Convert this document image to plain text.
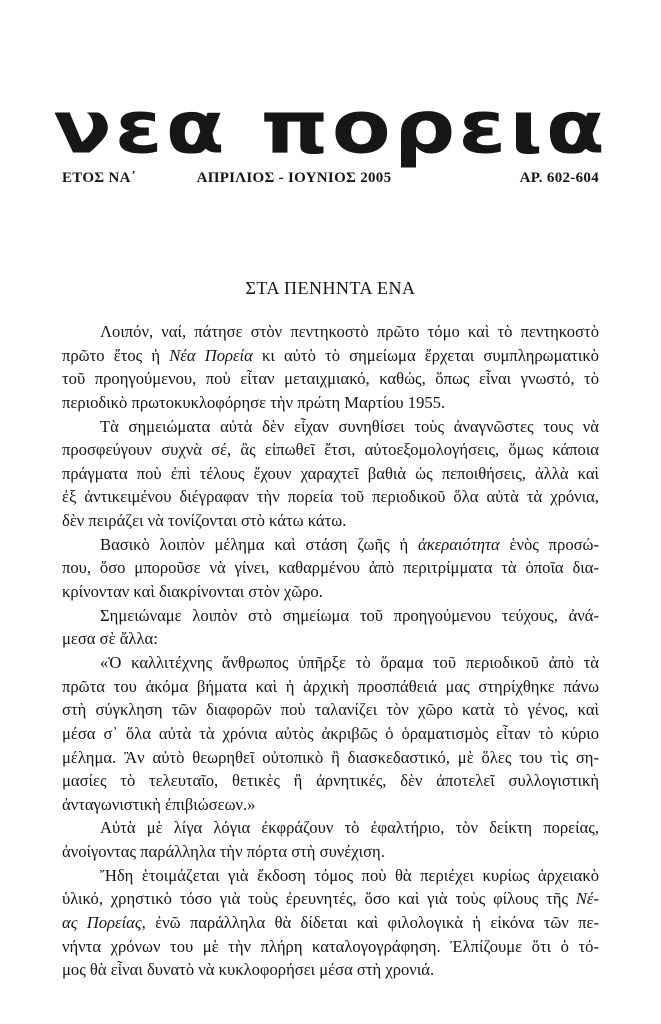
νεα πορεια
ΕΤΟΣ ΝΑ΄	ΑΠΡΙΛΙΟΣ - ΙΟΥΝΙΟΣ 2005	ΑΡ. 602-604
ΣΤΑ ΠΕΝΗΝΤΑ ΕΝΑ
Λοιπόν, ναί, πάτησε στὸν πεντηκοστὸ πρῶτο τόμο καὶ τὸ πεντηκοστὸ
πρῶτο ἔτος ἡ Νέα Πορεία κι αὐτὸ τὸ σημείωμα ἔρχεται συμπληρωματικὸ
τοῦ προηγούμενου, ποὺ εἶταν μεταιχμιακό, καθώς, ὅπως εἶναι γνωστό, τὸ
περιοδικὸ πρωτοκυκλοφόρησε τὴν πρώτη Μαρτίου 1955.
Τὰ σημειώματα αὐτὰ δὲν εἶχαν συνηθίσει τοὺς ἀναγνῶστες τους νὰ
προσφεύγουν συχνὰ σέ, ἂς εἰπωθεῖ ἔτσι, αὐτοεξομολογήσεις, ὅμως κάποια
πράγματα ποὺ ἐπὶ τέλους ἔχουν χαραχτεῖ βαθιὰ ὡς πεποιθήσεις, ἀλλὰ καὶ
ἐξ ἀντικειμένου διέγραφαν τὴν πορεία τοῦ περιοδικοῦ ὅλα αὐτὰ τὰ χρόνια,
δὲν πειράζει νὰ τονίζονται στὸ κάτω κάτω.
Βασικὸ λοιπὸν μέλημα καὶ στάση ζωῆς ἡ ἀκεραιότητα ἑνὸς προσώ-
που, ὅσο μποροῦσε νὰ γίνει, καθαρμένου ἀπὸ περιτρίμματα τὰ ὁποῖα δια-
κρίνονταν καὶ διακρίνονται στὸν χῶρο.
Σημειώναμε λοιπὸν στὸ σημείωμα τοῦ προηγούμενου τεύχους, ἀνά-
μεσα σὲ ἄλλα:
«Ὁ καλλιτέχνης ἄνθρωπος ὑπῆρξε τὸ ὅραμα τοῦ περιοδικοῦ ἀπὸ τὰ
πρῶτα του ἀκόμα βήματα καὶ ἡ ἀρχικὴ προσπάθειά μας στηρίχθηκε πάνω
στὴ σύγκληση τῶν διαφορῶν ποὺ ταλανίζει τὸν χῶρο κατὰ τὸ γένος, καὶ
μέσα σ᾽ ὅλα αὐτὰ τὰ χρόνια αὐτὸς ἀκριβῶς ὁ ὁραματισμὸς εἶταν τὸ κύριο
μέλημα. Ἂν αὐτὸ θεωρηθεῖ οὐτοπικὸ ἢ διασκεδαστικό, μὲ ὅλες του τὶς ση-
μασίες τὸ τελευταῖο, θετικὲς ἢ ἀρνητικές, δὲν ἀποτελεῖ συλλογιστικὴ
ἀνταγωνιστικὴ ἐπιβιώσεων.»
Αὐτὰ μὲ λίγα λόγια ἐκφράζουν τὸ ἐφαλτήριο, τὸν δείκτη πορείας,
ἀνοίγοντας παράλληλα τὴν πόρτα στὴ συνέχιση.
Ἤδη ἑτοιμάζεται γιὰ ἔκδοση τόμος ποὺ θὰ περιέχει κυρίως ἀρχειακὸ
ὑλικό, χρηστικὸ τόσο γιὰ τοὺς ἐρευνητές, ὅσο καὶ γιὰ τοὺς φίλους τῆς Νέ-
ας Πορείας, ἐνῶ παράλληλα θὰ δίδεται καὶ φιλολογικὰ ἡ εἰκόνα τῶν πε-
νήντα χρόνων του μὲ τὴν πλήρη καταλογογράφηση. Ἐλπίζουμε ὅτι ὁ τό-
μος θὰ εἶναι δυνατὸ νὰ κυκλοφορήσει μέσα στὴ χρονιά.
